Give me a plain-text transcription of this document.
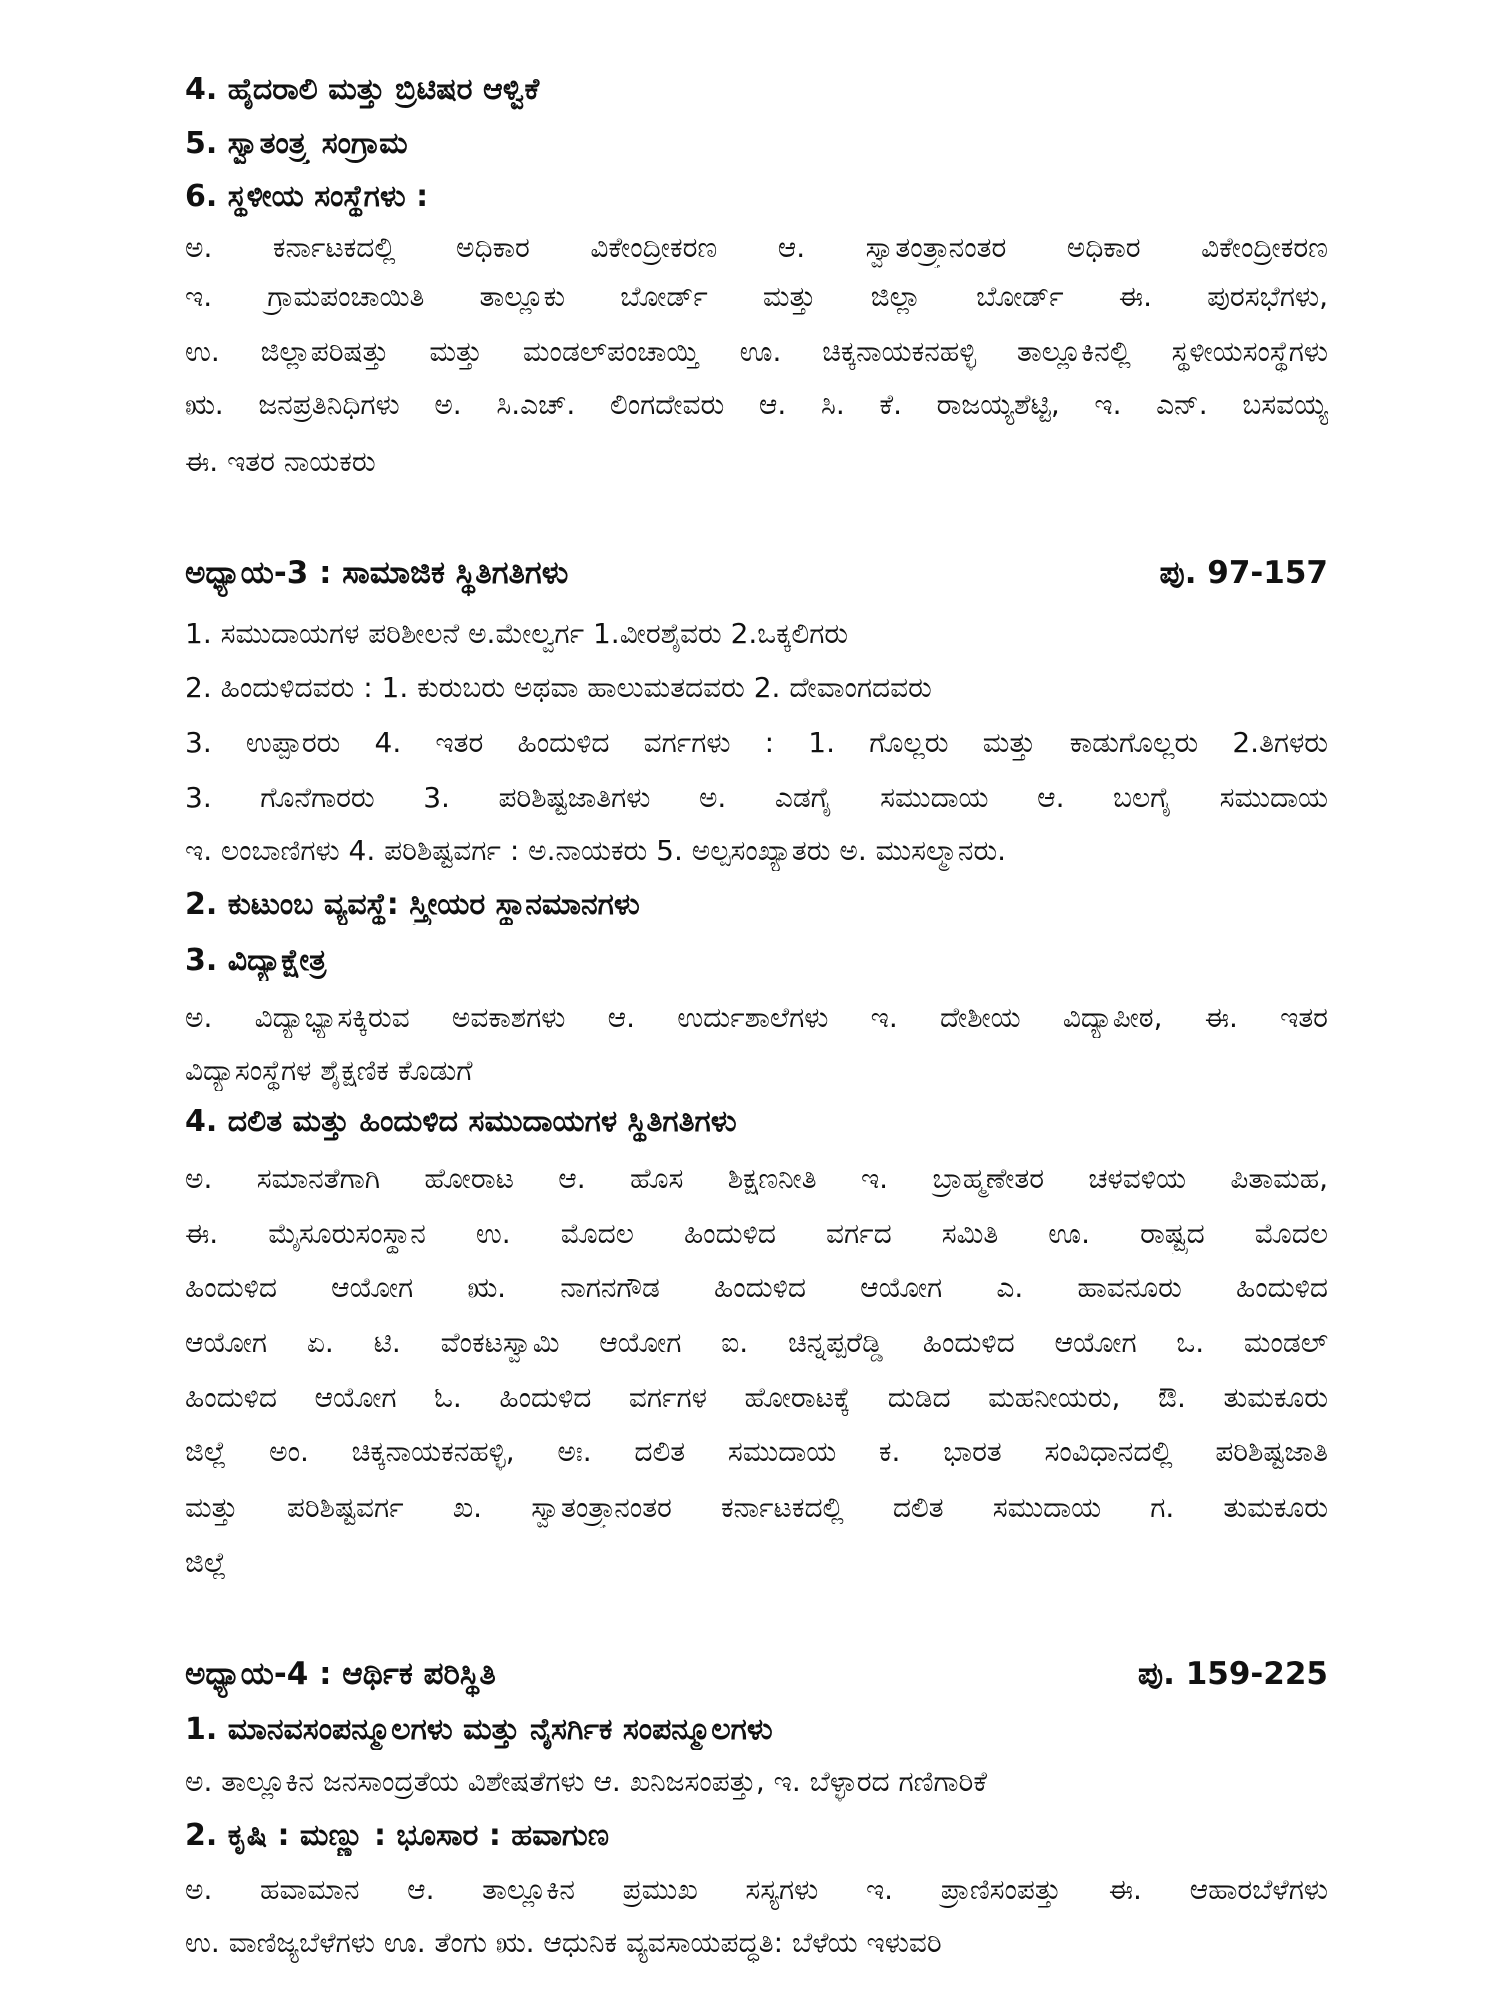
4. ಹೈದರಾಲಿ ಮತ್ತು ಬ್ರಿಟಿಷರ ಆಳ್ವಿಕೆ
5. ಸ್ವಾತಂತ್ರ್ಯ ಸಂಗ್ರಾಮ
6. ಸ್ಥಳೀಯ ಸಂಸ್ಥೆಗಳು :
ಅ. ಕರ್ನಾಟಕದಲ್ಲಿ ಅಧಿಕಾರ ವಿಕೇಂದ್ರೀಕರಣ ಆ. ಸ್ವಾತಂತ್ರ್ಯಾನಂತರ ಅಧಿಕಾರ ವಿಕೇಂದ್ರೀಕರಣ
ಇ. ಗ್ರಾಮಪಂಚಾಯಿತಿ ತಾಲ್ಲೂಕು ಬೋರ್ಡ್ ಮತ್ತು ಜಿಲ್ಲಾ ಬೋರ್ಡ್ ಈ. ಪುರಸಭೆಗಳು,
ಉ. ಜಿಲ್ಲಾಪರಿಷತ್ತು ಮತ್ತು ಮಂಡಲ್‌ಪಂಚಾಯ್ತಿ ಊ. ಚಿಕ್ಕನಾಯಕನಹಳ್ಳಿ ತಾಲ್ಲೂಕಿನಲ್ಲಿ ಸ್ಥಳೀಯಸಂಸ್ಥೆಗಳು
ಋ. ಜನಪ್ರತಿನಿಧಿಗಳು ಅ. ಸಿ.ಎಚ್. ಲಿಂಗದೇವರು ಆ. ಸಿ. ಕೆ. ರಾಜಯ್ಯಶೆಟ್ಟಿ, ಇ. ಎನ್. ಬಸವಯ್ಯ
ಈ. ಇತರ ನಾಯಕರು
ಅಧ್ಯಾಯ-3 : ಸಾಮಾಜಿಕ ಸ್ಥಿತಿಗತಿಗಳು	ಪು. 97-157
1. ಸಮುದಾಯಗಳ ಪರಿಶೀಲನೆ ಅ.ಮೇಲ್ವರ್ಗ 1.ವೀರಶೈವರು 2.ಒಕ್ಕಲಿಗರು
2. ಹಿಂದುಳಿದವರು : 1. ಕುರುಬರು ಅಥವಾ ಹಾಲುಮತದವರು 2. ದೇವಾಂಗದವರು
3. ಉಪ್ಪಾರರು 4. ಇತರ ಹಿಂದುಳಿದ ವರ್ಗಗಳು : 1. ಗೊಲ್ಲರು ಮತ್ತು ಕಾಡುಗೊಲ್ಲರು 2.ತಿಗಳರು
3. ಗೊನೆಗಾರರು 3. ಪರಿಶಿಷ್ಟಜಾತಿಗಳು ಅ. ಎಡಗೈ ಸಮುದಾಯ ಆ. ಬಲಗೈ ಸಮುದಾಯ
ಇ. ಲಂಬಾಣಿಗಳು 4. ಪರಿಶಿಷ್ಟವರ್ಗ : ಅ.ನಾಯಕರು 5. ಅಲ್ಪಸಂಖ್ಯಾತರು ಅ. ಮುಸಲ್ಮಾನರು.
2. ಕುಟುಂಬ ವ್ಯವಸ್ಥೆ: ಸ್ತ್ರೀಯರ ಸ್ಥಾನಮಾನಗಳು
3. ವಿದ್ಯಾಕ್ಷೇತ್ರ
ಅ. ವಿದ್ಯಾಭ್ಯಾಸಕ್ಕಿರುವ ಅವಕಾಶಗಳು ಆ. ಉರ್ದುಶಾಲೆಗಳು ಇ. ದೇಶೀಯ ವಿದ್ಯಾಪೀಠ, ಈ. ಇತರ
ವಿದ್ಯಾಸಂಸ್ಥೆಗಳ ಶೈಕ್ಷಣಿಕ ಕೊಡುಗೆ
4. ದಲಿತ ಮತ್ತು ಹಿಂದುಳಿದ ಸಮುದಾಯಗಳ ಸ್ಥಿತಿಗತಿಗಳು
ಅ. ಸಮಾನತೆಗಾಗಿ ಹೋರಾಟ ಆ. ಹೊಸ ಶಿಕ್ಷಣನೀತಿ ಇ. ಬ್ರಾಹ್ಮಣೇತರ ಚಳವಳಿಯ ಪಿತಾಮಹ,
ಈ. ಮೈಸೂರುಸಂಸ್ಥಾನ ಉ. ಮೊದಲ ಹಿಂದುಳಿದ ವರ್ಗದ ಸಮಿತಿ ಊ. ರಾಷ್ಟ್ರದ ಮೊದಲ
ಹಿಂದುಳಿದ ಆಯೋಗ ಋ. ನಾಗನಗೌಡ ಹಿಂದುಳಿದ ಆಯೋಗ ಎ. ಹಾವನೂರು ಹಿಂದುಳಿದ
ಆಯೋಗ ಏ. ಟಿ. ವೆಂಕಟಸ್ವಾಮಿ ಆಯೋಗ ಐ. ಚಿನ್ನಪ್ಪರೆಡ್ಡಿ ಹಿಂದುಳಿದ ಆಯೋಗ ಒ. ಮಂಡಲ್
ಹಿಂದುಳಿದ ಆಯೋಗ ಓ. ಹಿಂದುಳಿದ ವರ್ಗಗಳ ಹೋರಾಟಕ್ಕೆ ದುಡಿದ ಮಹನೀಯರು, ಔ. ತುಮಕೂರು
ಜಿಲ್ಲೆ ಅಂ. ಚಿಕ್ಕನಾಯಕನಹಳ್ಳಿ, ಅಃ. ದಲಿತ ಸಮುದಾಯ ಕ. ಭಾರತ ಸಂವಿಧಾನದಲ್ಲಿ ಪರಿಶಿಷ್ಟಜಾತಿ
ಮತ್ತು ಪರಿಶಿಷ್ಟವರ್ಗ ಖ. ಸ್ವಾತಂತ್ರ್ಯಾನಂತರ ಕರ್ನಾಟಕದಲ್ಲಿ ದಲಿತ ಸಮುದಾಯ ಗ. ತುಮಕೂರು
ಜಿಲ್ಲೆ
ಅಧ್ಯಾಯ-4 : ಆರ್ಥಿಕ ಪರಿಸ್ಥಿತಿ	ಪು. 159-225
1. ಮಾನವಸಂಪನ್ಮೂಲಗಳು ಮತ್ತು ನೈಸರ್ಗಿಕ ಸಂಪನ್ಮೂಲಗಳು
ಅ. ತಾಲ್ಲೂಕಿನ ಜನಸಾಂದ್ರತೆಯ ವಿಶೇಷತೆಗಳು ಆ. ಖನಿಜಸಂಪತ್ತು, ಇ. ಬೆಳ್ಳಾರದ ಗಣಿಗಾರಿಕೆ
2. ಕೃಷಿ : ಮಣ್ಣು : ಭೂಸಾರ : ಹವಾಗುಣ
ಅ. ಹವಾಮಾನ ಆ. ತಾಲ್ಲೂಕಿನ ಪ್ರಮುಖ ಸಸ್ಯಗಳು ಇ. ಪ್ರಾಣಿಸಂಪತ್ತು ಈ. ಆಹಾರಬೆಳೆಗಳು
ಉ. ವಾಣಿಜ್ಯಬೆಳೆಗಳು ಊ. ತೆಂಗು ಋ. ಆಧುನಿಕ ವ್ಯವಸಾಯಪದ್ಧತಿ: ಬೆಳೆಯ ಇಳುವರಿ
